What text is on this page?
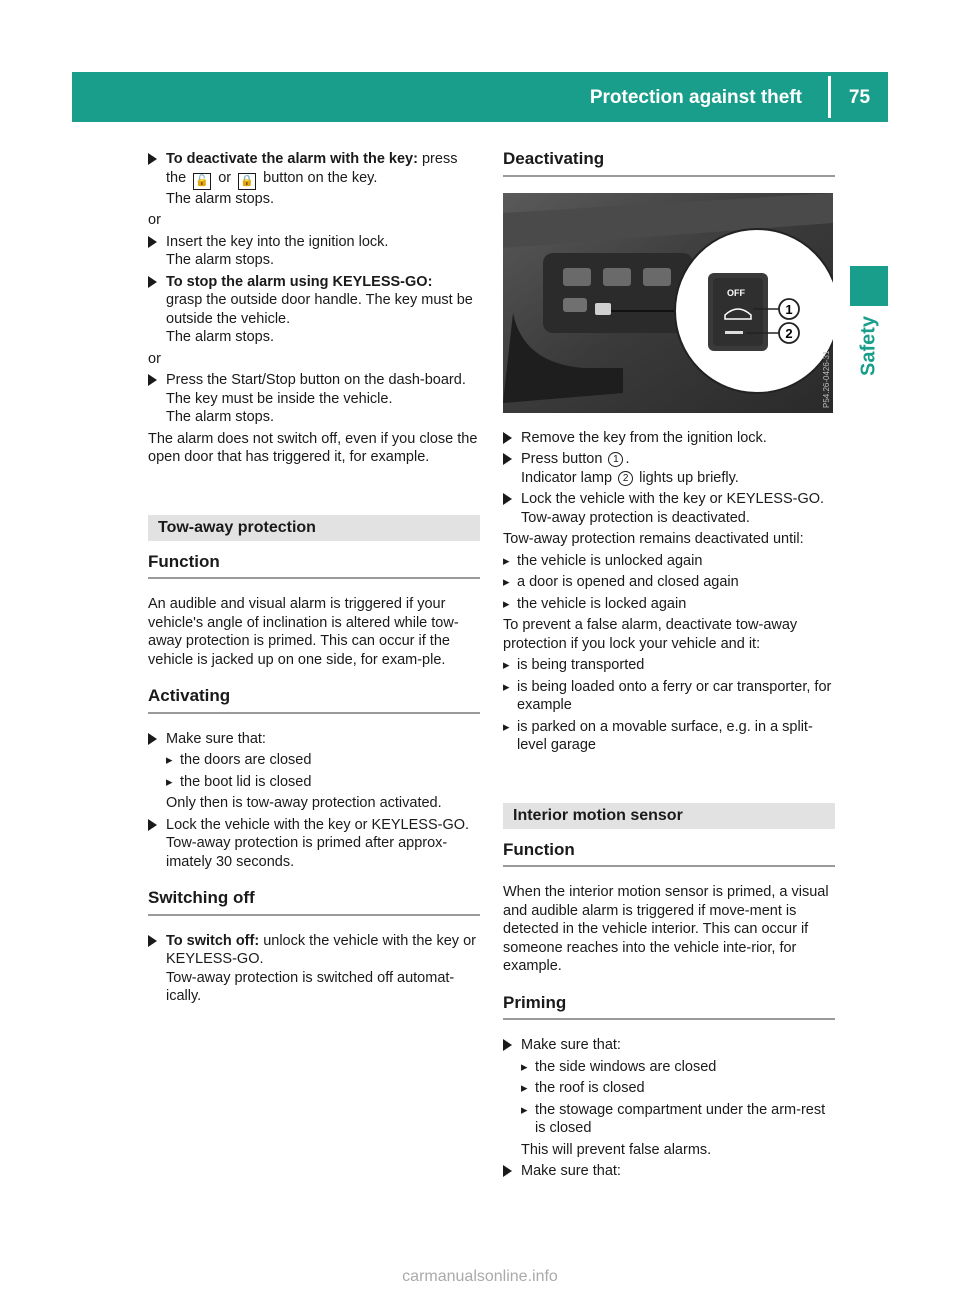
Protection against theft	75
Safety
To deactivate the alarm with the key: press
the 🔓 or 🔒 button on the key.
The alarm stops.
or
Insert the key into the ignition lock.
The alarm stops.
To stop the alarm using KEYLESS-GO:
grasp the outside door handle. The key must be outside the vehicle.
The alarm stops.
or
Press the Start/Stop button on the dash-board. The key must be inside the vehicle.
The alarm stops.
The alarm does not switch off, even if you close the open door that has triggered it, for example.
Tow-away protection
Function
An audible and visual alarm is triggered if your vehicle's angle of inclination is altered while tow-away protection is primed. This can occur if the vehicle is jacked up on one side, for exam-ple.
Activating
Make sure that:
▸ the doors are closed
▸ the boot lid is closed
Only then is tow-away protection activated.
Lock the vehicle with the key or KEYLESS-GO.
Tow-away protection is primed after approx-imately 30 seconds.
Switching off
To switch off: unlock the vehicle with the key or KEYLESS-GO.
Tow-away protection is switched off automat-ically.
Deactivating
OFF
1
2
P54.26-0426-31
Remove the key from the ignition lock.
Press button 1 .
Indicator lamp 2 lights up briefly.
Lock the vehicle with the key or KEYLESS-GO.
Tow-away protection is deactivated.
Tow-away protection remains deactivated until:
▸ the vehicle is unlocked again
▸ a door is opened and closed again
▸ the vehicle is locked again
To prevent a false alarm, deactivate tow-away protection if you lock your vehicle and it:
▸ is being transported
▸ is being loaded onto a ferry or car transporter, for example
▸ is parked on a movable surface, e.g. in a split-level garage
Interior motion sensor
Function
When the interior motion sensor is primed, a visual and audible alarm is triggered if move-ment is detected in the vehicle interior. This can occur if someone reaches into the vehicle inte-rior, for example.
Priming
Make sure that:
▸ the side windows are closed
▸ the roof is closed
▸ the stowage compartment under the arm-rest is closed
This will prevent false alarms.
Make sure that:
carmanualsonline.info
